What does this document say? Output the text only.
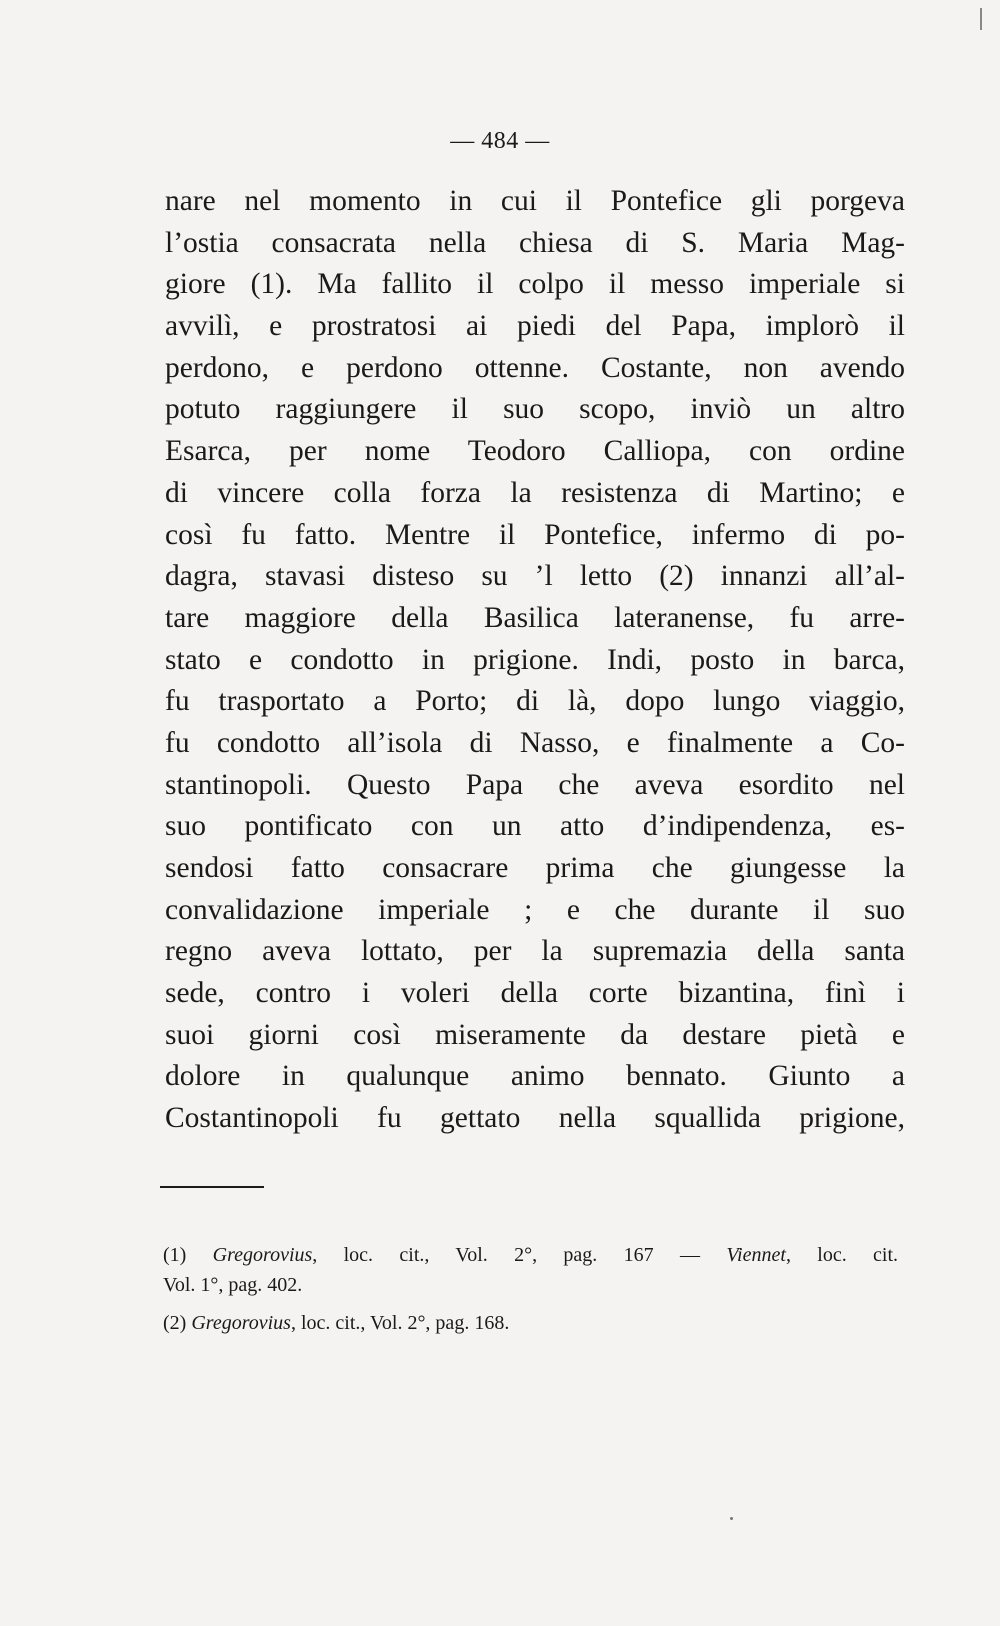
— 484 —
nare nel momento in cui il Pontefice gli porgeva
l’ostia consacrata nella chiesa di S. Maria Mag-
giore (1). Ma fallito il colpo il messo imperiale si
avvilì, e prostratosi ai piedi del Papa, implorò il
perdono, e perdono ottenne. Costante, non avendo
potuto raggiungere il suo scopo, inviò un altro
Esarca, per nome Teodoro Calliopa, con ordine
di vincere colla forza la resistenza di Martino; e
così fu fatto. Mentre il Pontefice, infermo di po-
dagra, stavasi disteso su ’l letto (2) innanzi all’al-
tare maggiore della Basilica lateranense, fu arre-
stato e condotto in prigione. Indi, posto in barca,
fu trasportato a Porto; di là, dopo lungo viaggio,
fu condotto all’isola di Nasso, e finalmente a Co-
stantinopoli. Questo Papa che aveva esordito nel
suo pontificato con un atto d’indipendenza, es-
sendosi fatto consacrare prima che giungesse la
convalidazione imperiale ; e che durante il suo
regno aveva lottato, per la supremazia della santa
sede, contro i voleri della corte bizantina, finì i
suoi giorni così miseramente da destare pietà e
dolore in qualunque animo bennato. Giunto a
Costantinopoli fu gettato nella squallida prigione,
(1) Gregorovius, loc. cit., Vol. 2°, pag. 167 — Viennet, loc. cit.
Vol. 1°, pag. 402.
(2) Gregorovius, loc. cit., Vol. 2°, pag. 168.
